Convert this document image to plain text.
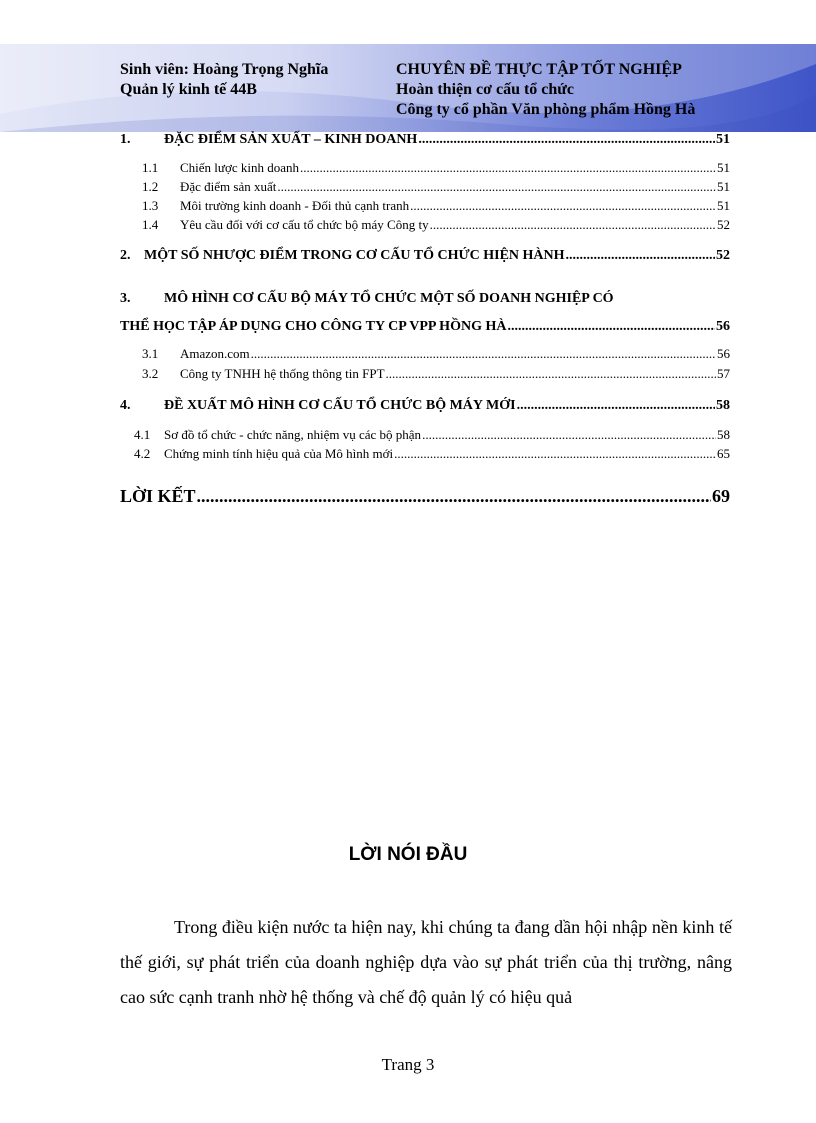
Sinh viên: Hoàng Trọng Nghĩa
Quản lý kinh tế 44B
CHUYÊN ĐỀ THỰC TẬP TỐT NGHIỆP
Hoàn thiện cơ cấu tổ chức
Công ty cổ phần Văn phòng phẩm Hồng Hà
1.	ĐẶC ĐIỂM SẢN XUẤT – KINH DOANH .....	51
1.1	Chiến lược kinh doanh .....	51
1.2	Đặc điểm sản xuất .....	51
1.3	Môi trường kinh doanh - Đối thủ cạnh tranh .....	51
1.4	Yêu cầu đối với cơ cấu tổ chức bộ máy Công ty .....	52
2. MỘT SỐ NHƯỢC ĐIỂM TRONG CƠ CẤU TỔ CHỨC HIỆN HÀNH .....	52
3.	MÔ HÌNH CƠ CẤU BỘ MÁY TỔ CHỨC MỘT SỐ DOANH NGHIỆP CÓ
THỂ HỌC TẬP ÁP DỤNG CHO CÔNG TY CP VPP HỒNG HÀ .....	56
3.1	Amazon.com .....	56
3.2	Công ty TNHH hệ thống thông tin FPT .....	57
4.	ĐỀ XUẤT MÔ HÌNH CƠ CẤU TỔ CHỨC BỘ MÁY MỚI .....	58
4.1	Sơ đồ tổ chức - chức năng, nhiệm vụ các bộ phận .....	58
4.2	Chứng minh tính hiệu quả của Mô hình mới .....	65
LỜI KẾT .....	69
LỜI NÓI ĐẦU

Trong điều kiện nước ta hiện nay, khi chúng ta đang dần hội nhập nền kinh tế thế giới, sự phát triển của doanh nghiệp dựa vào sự phát triển của thị trường, nâng cao sức cạnh tranh nhờ hệ thống và chế độ quản lý có hiệu quả

Trang 3
